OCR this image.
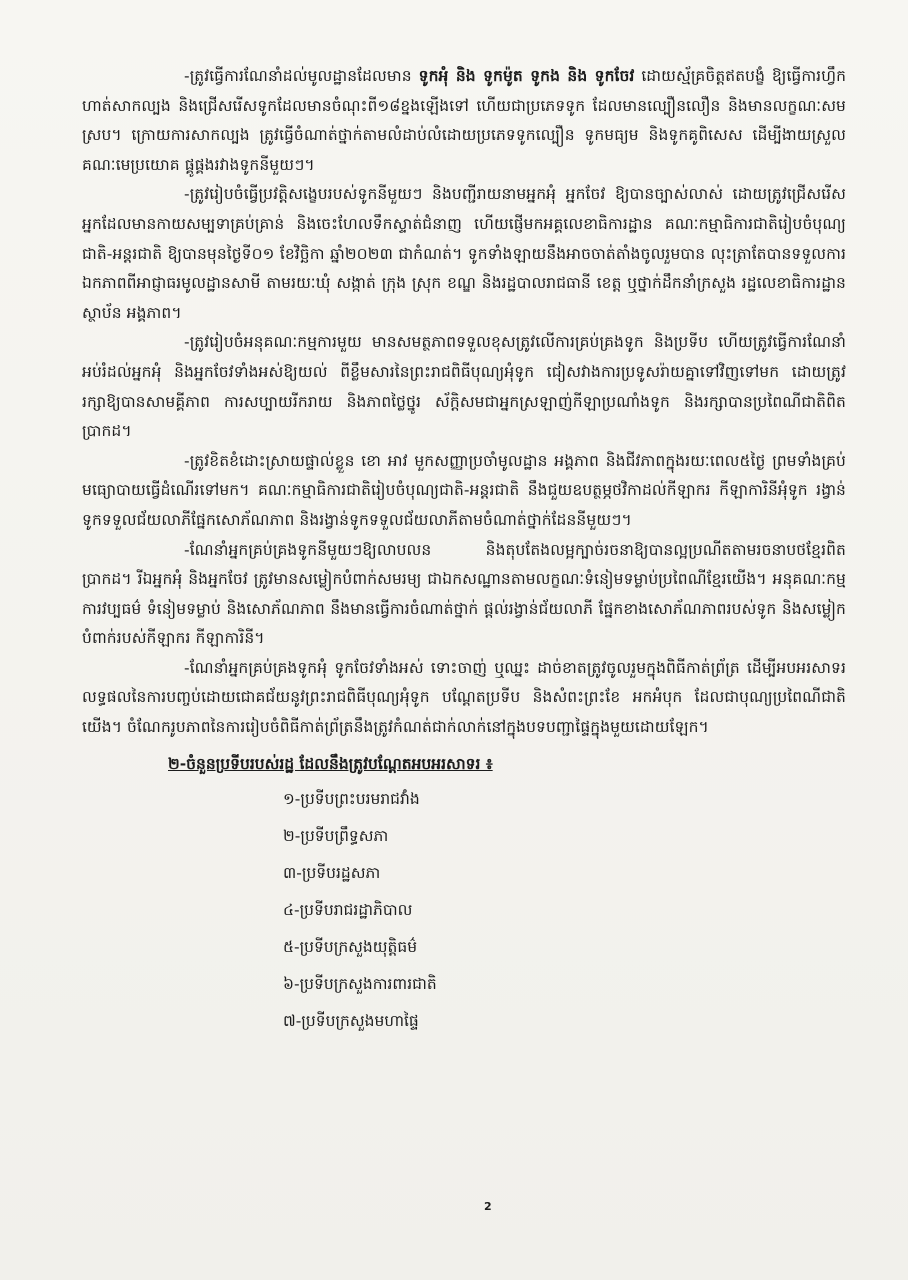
-ត្រូវធ្វើការណែនាំដល់មូលដ្ឋានដែលមាន ទូកអុំ និង ទូកម៉ូត ទូកង និង ទូកចែវ ដោយស្ម័គ្រចិត្តឥតបង្ខំ ឱ្យធ្វើការហ្វឹកហាត់សាកល្បង និងជ្រើសរើសទូកដែលមានចំណុះពី១៨ខ្នងឡើងទៅ ហើយជាប្រភេទទូក ដែលមានល្បឿនលឿន និងមានលក្ខណៈសមស្រប។ ក្រោយការសាកល្បង ត្រូវធ្វើចំណាត់ថ្នាក់តាមលំដាប់លំដោយប្រភេទទូកល្បឿន ទូកមធ្យម និងទូកគូពិសេស ដើម្បីងាយស្រួលគណៈមេប្រយោគ ផ្គូផ្គងរវាងទូកនីមួយៗ។

-ត្រូវរៀបចំធ្វើប្រវត្តិសង្ខេបរបស់ទូកនីមួយៗ និងបញ្ជីរាយនាមអ្នកអុំ អ្នកចែវ ឱ្យបានច្បាស់លាស់ ដោយត្រូវជ្រើសរើសអ្នកដែលមានកាយសម្បទាគ្រប់គ្រាន់ និងចេះហែលទឹកស្ទាត់ជំនាញ ហើយផ្ញើមកអគ្គលេខាធិការដ្ឋាន គណៈកម្មាធិការជាតិរៀបចំបុណ្យជាតិ-អន្តរជាតិ ឱ្យបានមុនថ្ងៃទី០១ ខែវិច្ឆិកា ឆ្នាំ២០២៣ ជាកំណត់។ ទូកទាំងឡាយនឹងអាចចាត់តាំងចូលរួមបាន លុះត្រាតែបានទទួលការឯកភាពពីអាជ្ញាធរមូលដ្ឋានសាមី តាមរយៈឃុំ សង្កាត់ ក្រុង ស្រុក ខណ្ឌ និងរដ្ឋបាលរាជធានី ខេត្ត ឬថ្នាក់ដឹកនាំក្រសួង រដ្ឋលេខាធិការដ្ឋាន ស្ថាប័ន អង្គភាព។

-ត្រូវរៀបចំអនុគណៈកម្មការមួយ មានសមត្ថភាពទទួលខុសត្រូវលើការគ្រប់គ្រងទូក និងប្រទីប ហើយត្រូវធ្វើការណែនាំ អប់រំដល់អ្នកអុំ និងអ្នកចែវទាំងអស់ឱ្យយល់ ពីខ្លឹមសារនៃព្រះរាជពិធីបុណ្យអុំទូក ជៀសវាងការប្រទូសរ៉ាយគ្នាទៅវិញទៅមក ដោយត្រូវរក្សាឱ្យបានសាមគ្គីភាព ការសប្បាយរីករាយ និងភាពថ្លៃថ្នូរ ស័ក្តិសមជាអ្នកស្រឡាញ់កីឡាប្រណាំងទូក និងរក្សាបានប្រពៃណីជាតិពិតប្រាកដ។

-ត្រូវខិតខំដោះស្រាយផ្ទាល់ខ្លួន ខោ អាវ មួកសញ្ញាប្រចាំមូលដ្ឋាន អង្គភាព និងជីវភាពក្នុងរយៈពេល៥ថ្ងៃ ព្រមទាំងគ្រប់មធ្យោបាយធ្វើដំណើរទៅមក។ គណៈកម្មាធិការជាតិរៀបចំបុណ្យជាតិ-អន្តរជាតិ នឹងជួយឧបត្ថម្ភថវិកាដល់កីឡាករ កីឡាការិនីអុំទូក រង្វាន់ទូកទទួលជ័យលាភីផ្នែកសោភ័ណភាព និងរង្វាន់ទូកទទួលជ័យលាភីតាមចំណាត់ថ្នាក់ដែននីមួយៗ។

-ណែនាំអ្នកគ្រប់គ្រងទូកនីមួយៗឱ្យលាបលន និងតុបតែងលម្អក្បាច់រចនាឱ្យបានល្អប្រណីតតាមរចនាបថខ្មែរពិតប្រាកដ។ រីឯអ្នកអុំ និងអ្នកចែវ ត្រូវមានសម្លៀកបំពាក់សមរម្យ ជាឯកសណ្ឋានតាមលក្ខណៈទំនៀមទម្លាប់ប្រពៃណីខ្មែរយើង។ អនុគណៈកម្មការវប្បធម៌ ទំនៀមទម្លាប់ និងសោភ័ណភាព នឹងមានធ្វើការចំណាត់ថ្នាក់ ផ្តល់រង្វាន់ជ័យលាភី ផ្នែកខាងសោភ័ណភាពរបស់ទូក និងសម្លៀកបំពាក់របស់កីឡាករ កីឡាការិនី។

-ណែនាំអ្នកគ្រប់គ្រងទូកអុំ ទូកចែវទាំងអស់ ទោះចាញ់ ឬឈ្នះ ដាច់ខាតត្រូវចូលរួមក្នុងពិធីកាត់ព្រ័ត្រ ដើម្បីអបអរសាទរ លទ្ធផលនៃការបញ្ចប់ដោយជោគជ័យនូវព្រះរាជពិធីបុណ្យអុំទូក បណ្តែតប្រទីប និងសំពះព្រះខែ អកអំបុក ដែលជាបុណ្យប្រពៃណីជាតិយើង។ ចំណែករូបភាពនៃការរៀបចំពិធីកាត់ព្រ័ត្រនឹងត្រូវកំណត់ជាក់លាក់នៅក្នុងបទបញ្ជាផ្ទៃក្នុងមួយដោយឡែក។

២-ចំនួនប្រទីបរបស់រដ្ឋ ដែលនឹងត្រូវបណ្តែតអបអរសាទរ ៖
១-ប្រទីបព្រះបរមរាជវាំង
២-ប្រទីបព្រឹទ្ធសភា
៣-ប្រទីបរដ្ឋសភា
៤-ប្រទីបរាជរដ្ឋាភិបាល
៥-ប្រទីបក្រសួងយុត្តិធម៌
៦-ប្រទីបក្រសួងការពារជាតិ
៧-ប្រទីបក្រសួងមហាផ្ទៃ
2
